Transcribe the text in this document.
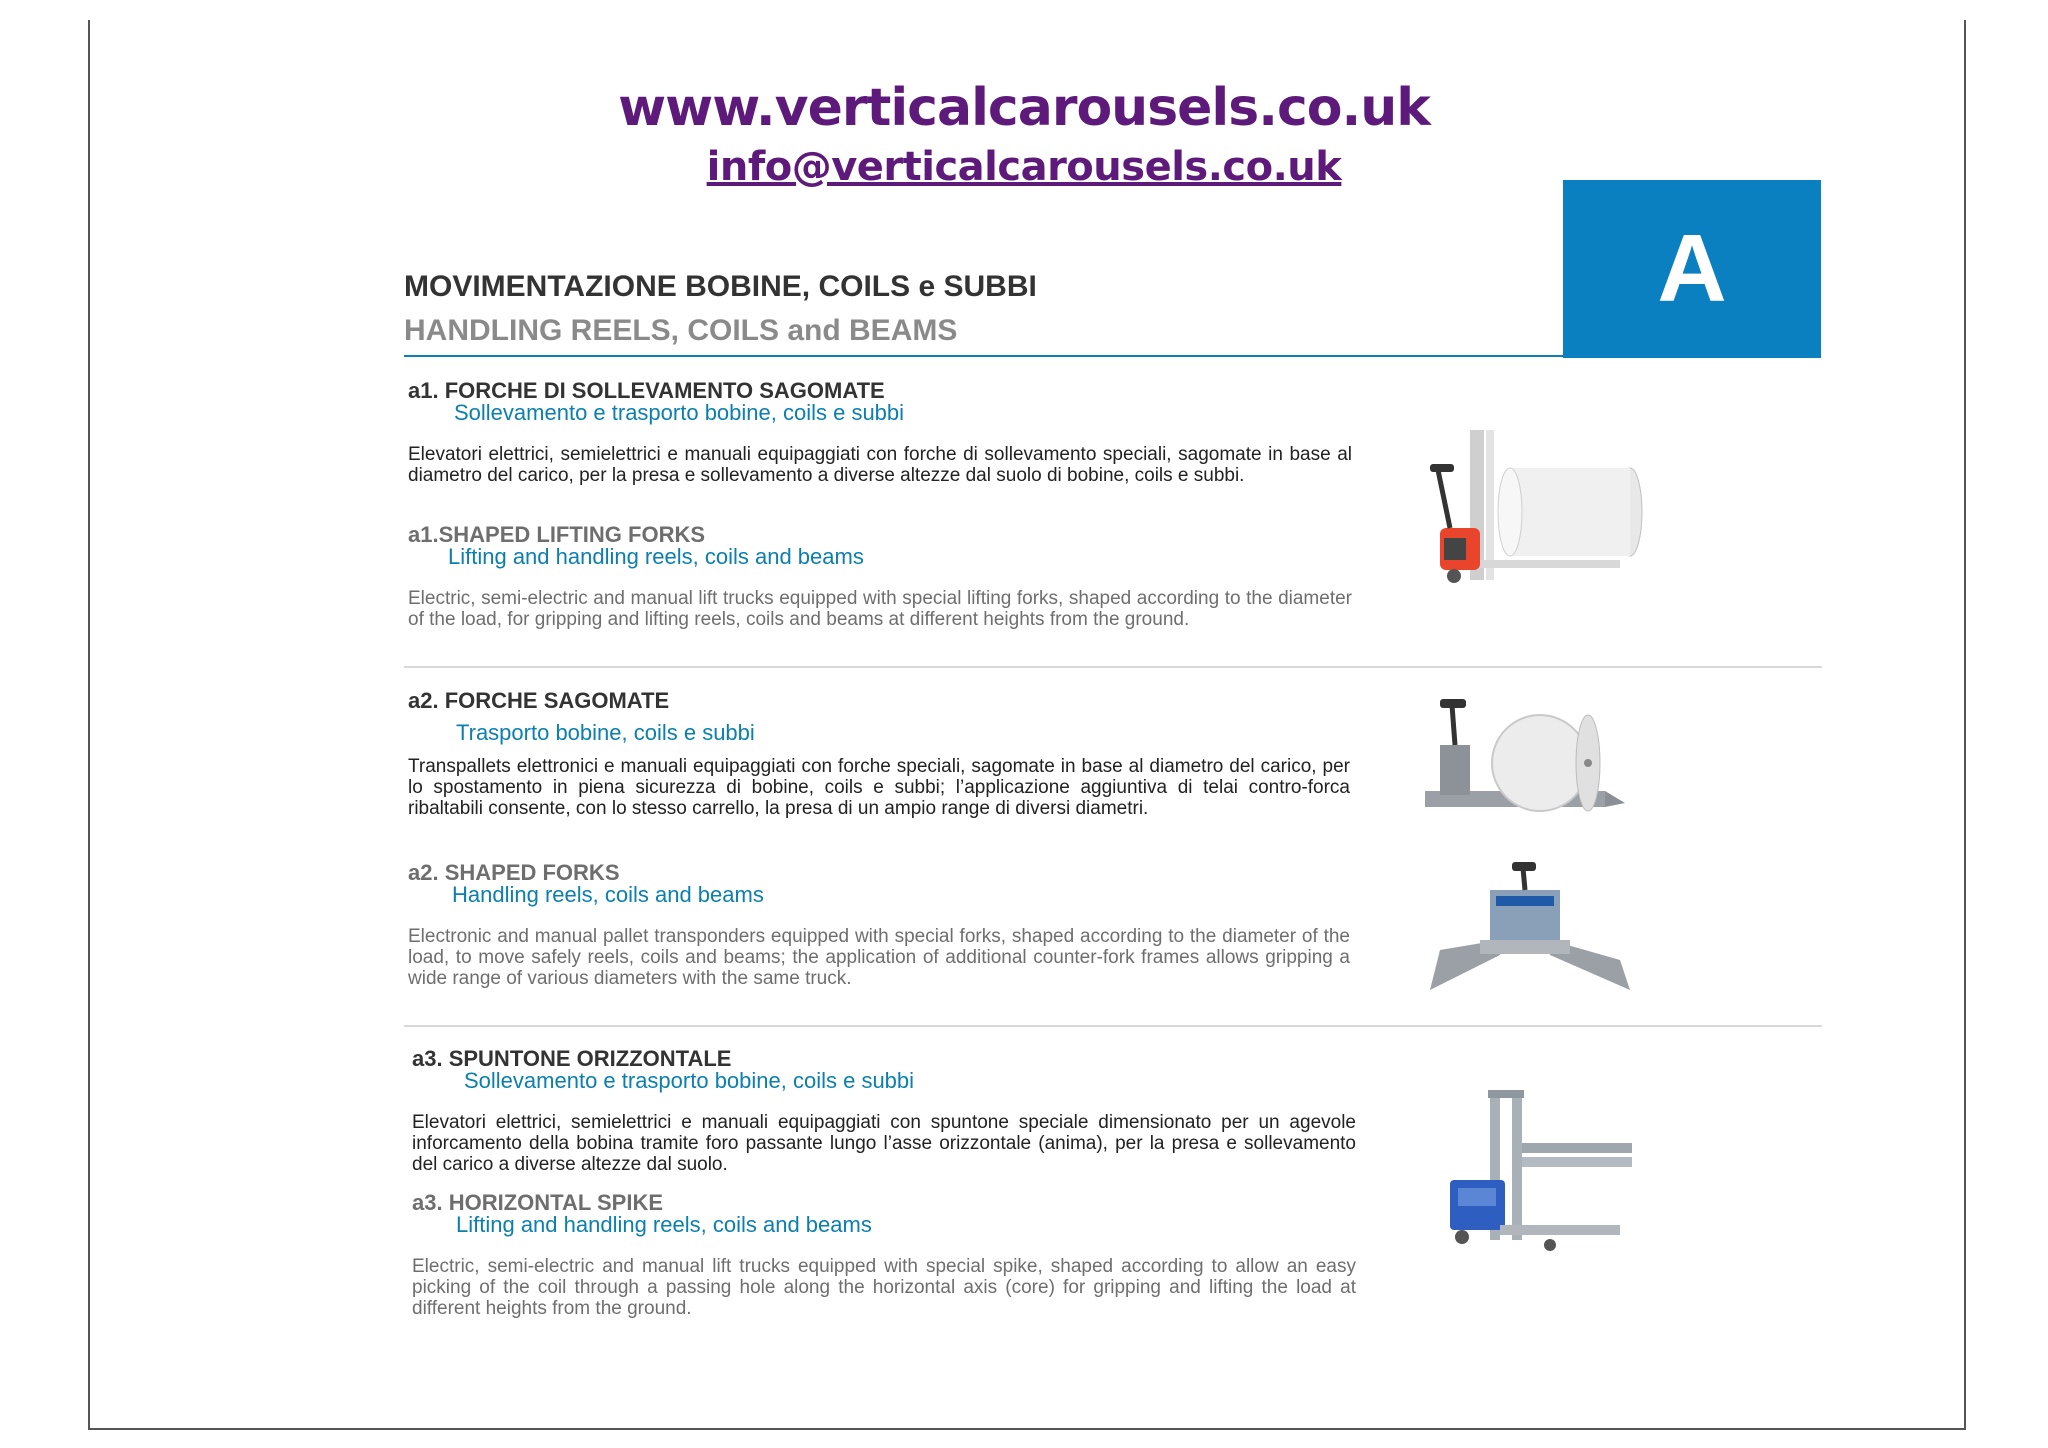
www.verticalcarousels.co.uk
info@verticalcarousels.co.uk
A
MOVIMENTAZIONE BOBINE, COILS e SUBBI
HANDLING REELS, COILS and BEAMS
a1. FORCHE DI SOLLEVAMENTO SAGOMATE
Sollevamento e trasporto bobine, coils e subbi
Elevatori elettrici, semielettrici e manuali equipaggiati con forche di sollevamento speciali, sagomate in base al diametro del carico, per la presa e sollevamento a diverse altezze dal suolo di bobine, coils e subbi.
a1.SHAPED LIFTING FORKS
Lifting and handling reels, coils and beams
Electric, semi-electric and manual lift trucks equipped with special lifting forks, shaped according to the diameter of the load, for gripping and lifting reels, coils and beams at different heights from the ground.
a2. FORCHE SAGOMATE
Trasporto bobine, coils e subbi
Transpallets elettronici e manuali equipaggiati con forche speciali, sagomate in base al diametro del carico, per lo spostamento in piena sicurezza di bobine, coils e subbi; l’applicazione aggiuntiva di telai contro-forca ribaltabili consente, con lo stesso carrello, la presa di un ampio range di diversi diametri.
a2. SHAPED FORKS
Handling reels, coils and beams
Electronic and manual pallet transponders equipped with special forks, shaped according to the diameter of the load, to move safely reels, coils and beams; the application of additional counter-fork frames allows gripping a wide range of various diameters with the same truck.
a3. SPUNTONE ORIZZONTALE
Sollevamento e trasporto bobine, coils e subbi
Elevatori elettrici, semielettrici e manuali equipaggiati con spuntone speciale dimensionato per un agevole inforcamento della bobina tramite foro passante lungo l’asse orizzontale (anima), per la presa e sollevamento del carico a diverse altezze dal suolo.
a3. HORIZONTAL SPIKE
Lifting and handling reels, coils and beams
Electric, semi-electric and manual lift trucks equipped with special spike, shaped according to allow an easy picking of the coil through a passing hole along the horizontal axis (core) for gripping and lifting the load at different heights from the ground.
